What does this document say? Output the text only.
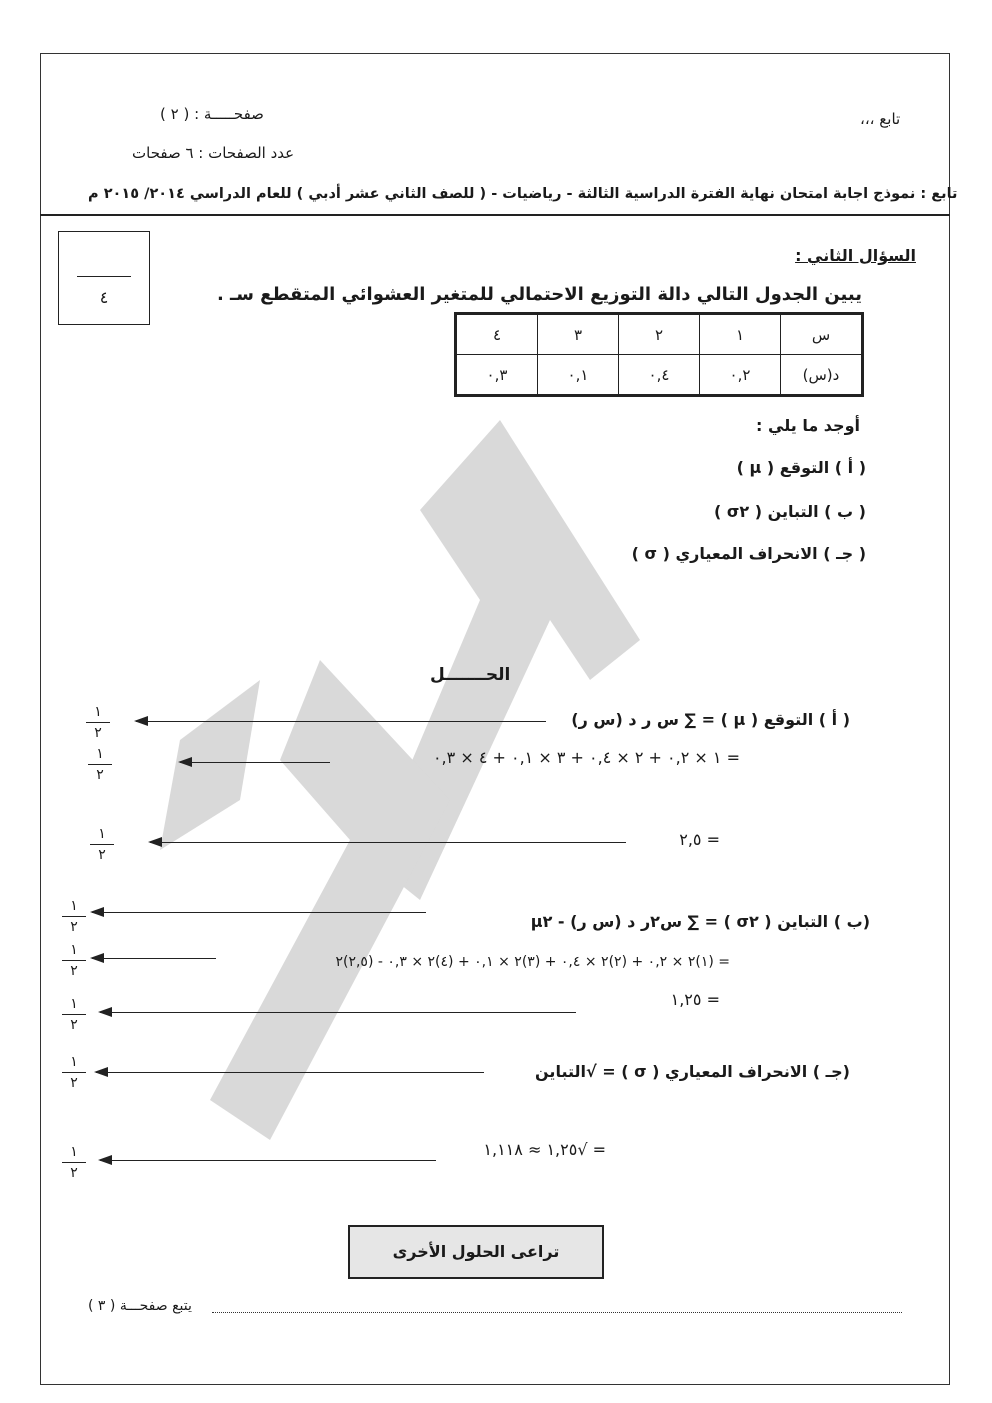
تابع ،،،
صفحـــــة : ( ٢ )
عدد الصفحات : ٦ صفحات
تابع : نموذج اجابة امتحان نهاية الفترة الدراسية الثالثة - رياضيات - ( للصف الثاني عشر أدبي ) للعام الدراسي ٢٠١٤/ ٢٠١٥ م
٤
السؤال الثاني :
يبين الجدول التالي دالة التوزيع الاحتمالي للمتغير العشوائي المتقطع سـ .
س	١	٢	٣	٤
د(س)	٠,٢	٠,٤	٠,١	٠,٣
أوجد ما يلي :
( أ ) التوقع ( μ )
( ب ) التباين ( σ٢ )
( جـ ) الانحراف المعياري ( σ )
الحـــــــل
( أ ) التوقع ( μ ) = ∑ س ر د (س ر)
١
٢
= ١ × ٠,٢ + ٢ × ٠,٤ + ٣ × ٠,١ + ٤ × ٠,٣
١
٢
= ٢,٥
١
٢
(ب ) التباين ( σ٢ ) = ∑ س٢ر د (س ر) - μ٢
١
٢
= (١)٢ × ٠,٢ + (٢)٢ × ٠,٤ + (٣)٢ × ٠,١ + (٤)٢ × ٠,٣ - (٢,٥)٢
١
٢
= ١,٢٥
١
٢
(جـ ) الانحراف المعياري ( σ ) = √التباين
١
٢
= √١,٢٥ ≈ ١,١١٨
١
٢
تراعى الحلول الأخرى
يتبع صفحـــة ( ٣ )
